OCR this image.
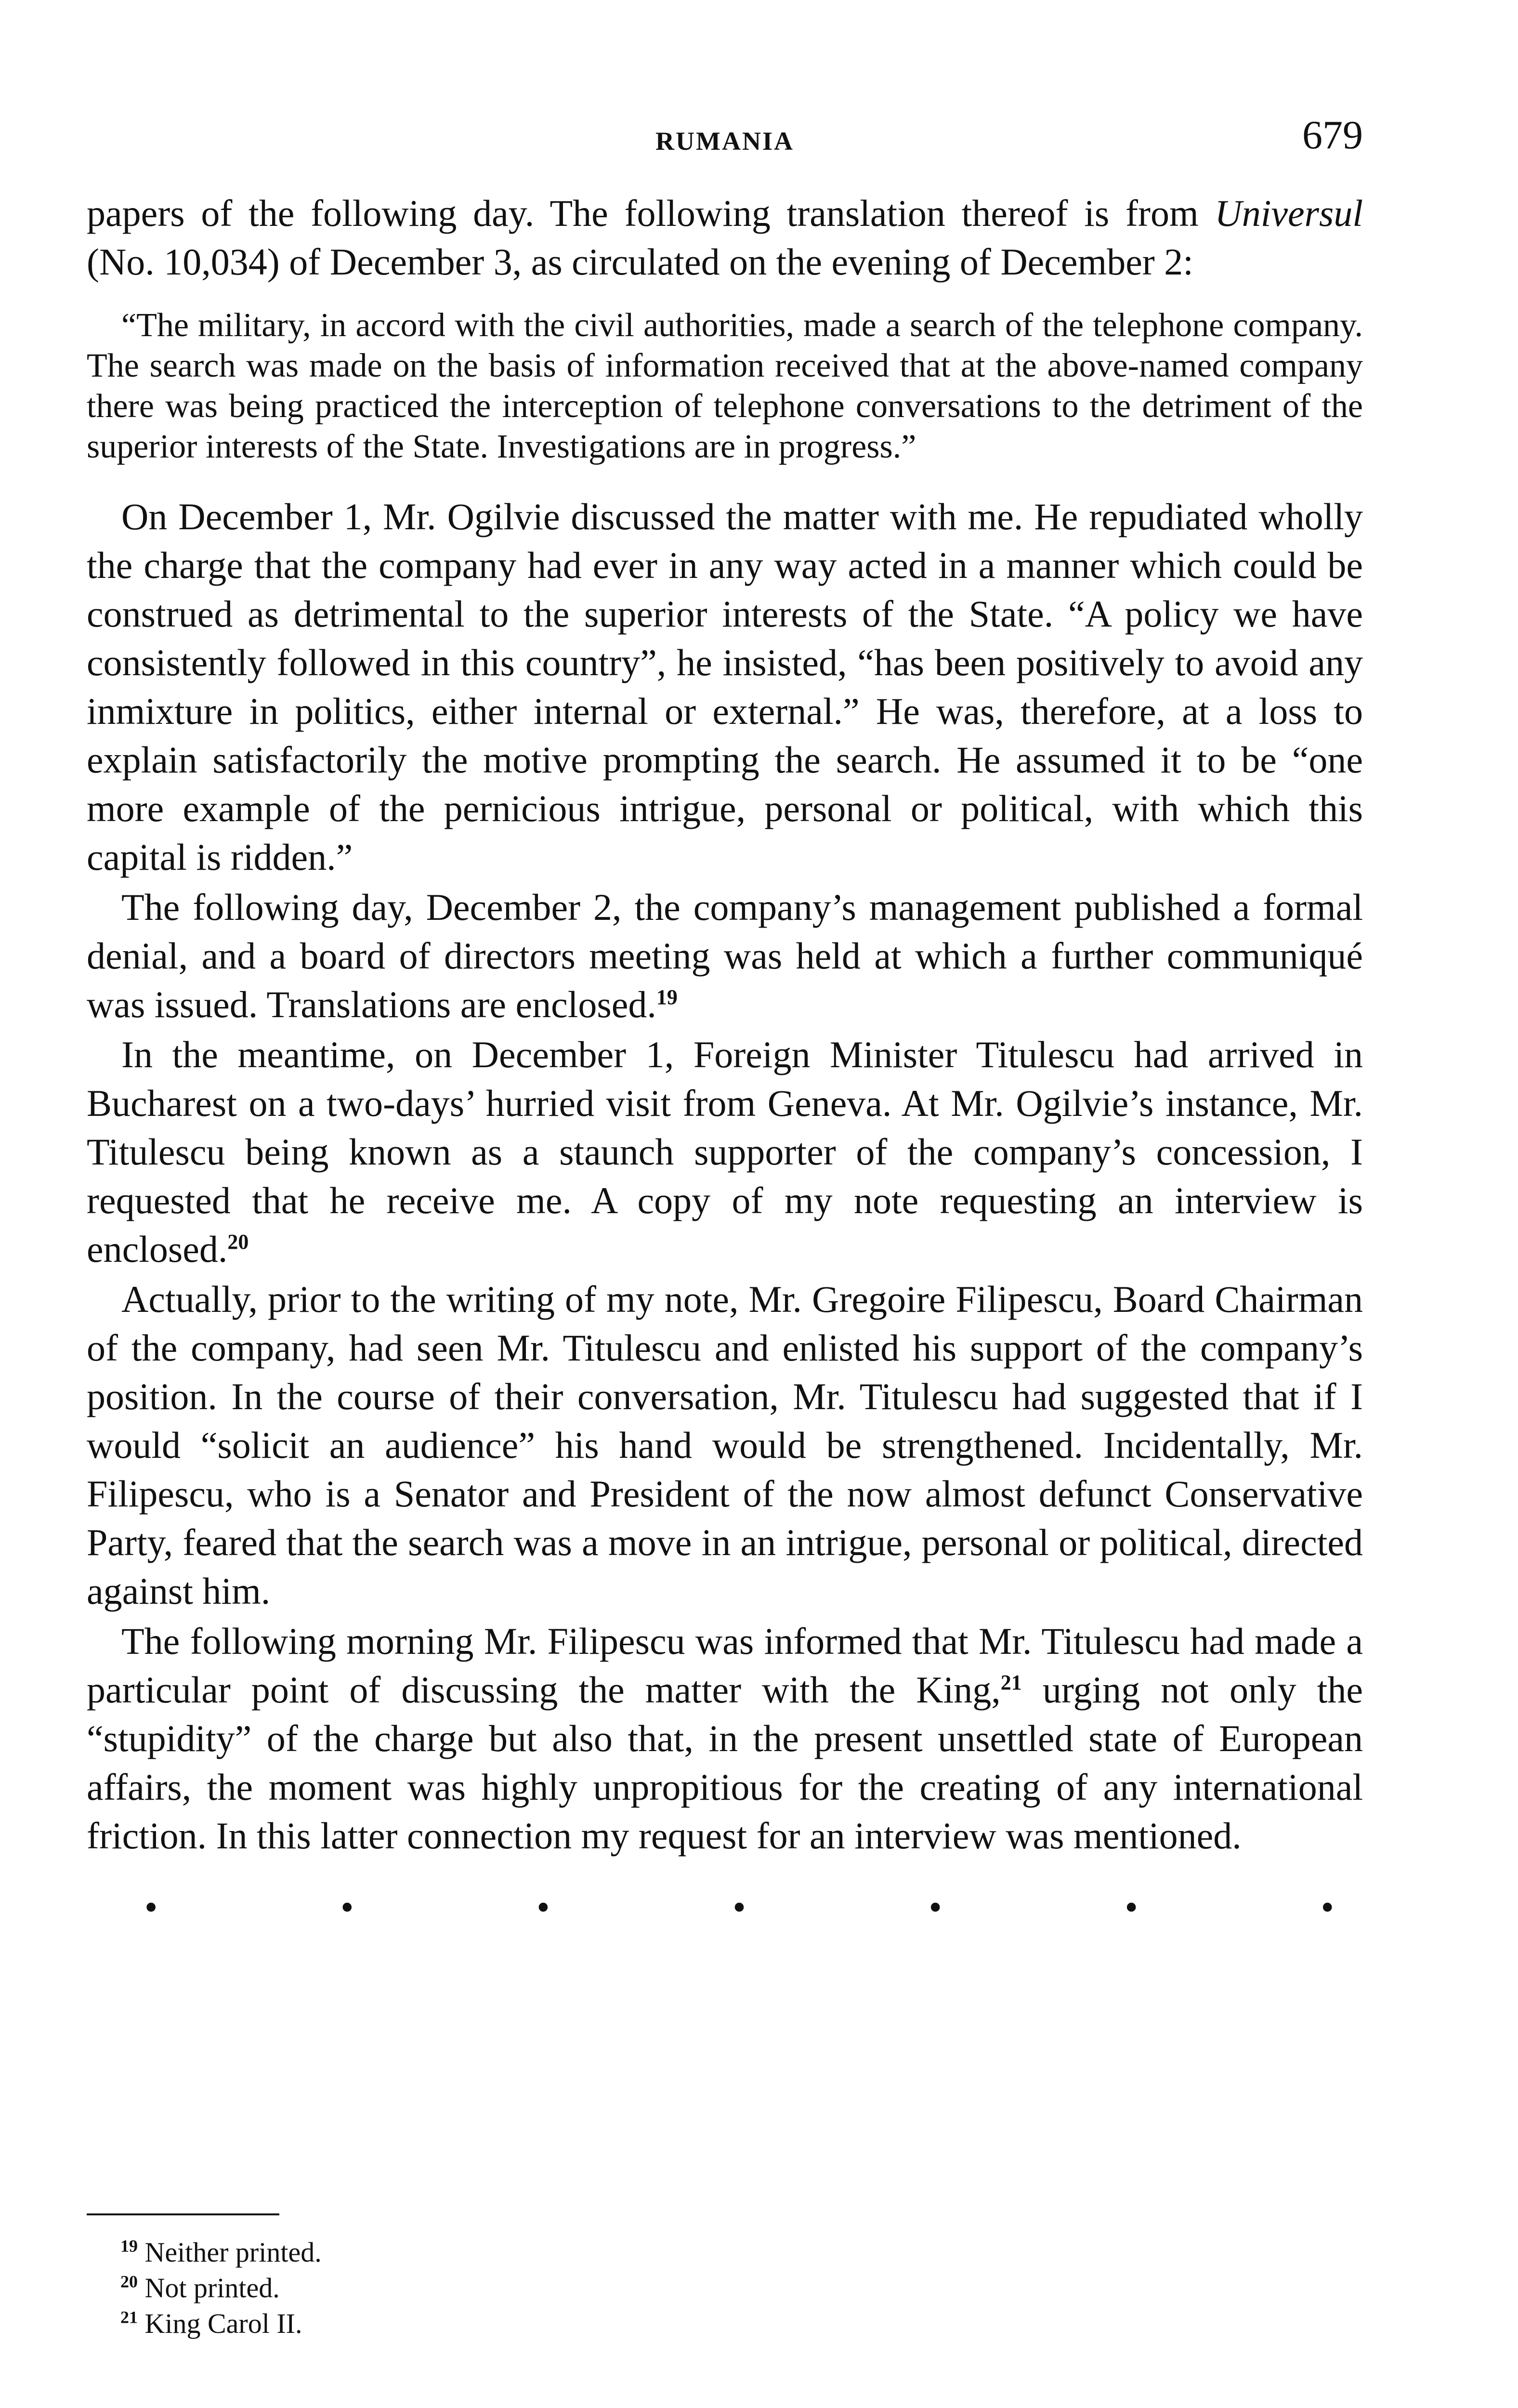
RUMANIA	679

papers of the following day. The following translation thereof is from Universul (No. 10,034) of December 3, as circulated on the evening of December 2:

“The military, in accord with the civil authorities, made a search of the telephone company. The search was made on the basis of information received that at the above-named company there was being practiced the interception of telephone conversations to the detriment of the superior interests of the State. Investigations are in progress.”

On December 1, Mr. Ogilvie discussed the matter with me. He repudiated wholly the charge that the company had ever in any way acted in a manner which could be construed as detrimental to the superior interests of the State. “A policy we have consistently followed in this country”, he insisted, “has been positively to avoid any inmixture in politics, either internal or external.” He was, therefore, at a loss to explain satisfactorily the motive prompting the search. He assumed it to be “one more example of the pernicious intrigue, personal or political, with which this capital is ridden.”

The following day, December 2, the company’s management published a formal denial, and a board of directors meeting was held at which a further communiqué was issued. Translations are enclosed.$^{19}$

In the meantime, on December 1, Foreign Minister Titulescu had arrived in Bucharest on a two-days’ hurried visit from Geneva. At Mr. Ogilvie’s instance, Mr. Titulescu being known as a staunch supporter of the company’s concession, I requested that he receive me. A copy of my note requesting an interview is enclosed.$^{20}$

Actually, prior to the writing of my note, Mr. Gregoire Filipescu, Board Chairman of the company, had seen Mr. Titulescu and enlisted his support of the company’s position. In the course of their conversation, Mr. Titulescu had suggested that if I would “solicit an audience” his hand would be strengthened. Incidentally, Mr. Filipescu, who is a Senator and President of the now almost defunct Conservative Party, feared that the search was a move in an intrigue, personal or political, directed against him.

The following morning Mr. Filipescu was informed that Mr. Titulescu had made a particular point of discussing the matter with the King,$^{21}$ urging not only the “stupidity” of the charge but also that, in the present unsettled state of European affairs, the moment was highly unpropitious for the creating of any international friction. In this latter connection my request for an interview was mentioned.

•	•	•	•	•	•	•
$^{19}$ Neither printed.
$^{20}$ Not printed.
$^{21}$ King Carol II.
